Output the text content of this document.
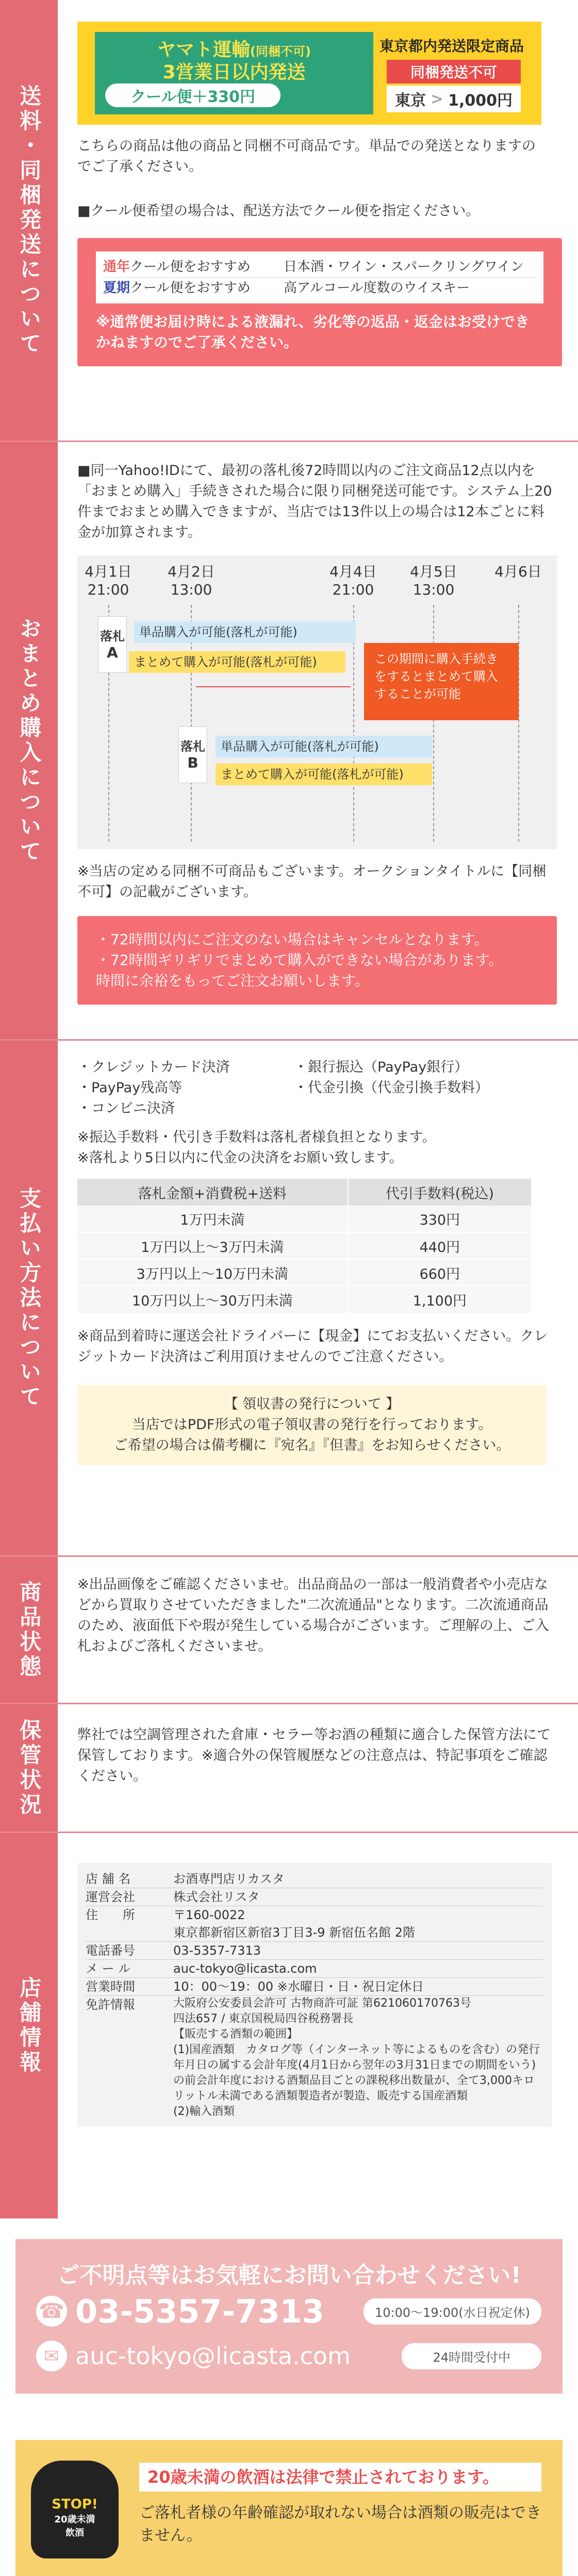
送料・同梱発送について
ヤマト運輸(同梱不可)
3営業日以内発送
クール便＋330円
東京都内発送限定商品
同梱発送不可
東京 > 1,000円

こちらの商品は他の商品と同梱不可商品です。単品での発送となりますのでご了承ください。

■クール便希望の場合は、配送方法でクール便を指定ください。

通年クール便をおすすめ	日本酒・ワイン・スパークリングワイン
夏期クール便をおすすめ	高アルコール度数のウイスキー

※通常便お届け時による液漏れ、劣化等の返品・返金はお受けできかねますのでご了承ください。

おまとめ購入について

■同一Yahoo!IDにて、最初の落札後72時間以内のご注文商品12点以内を「おまとめ購入」手続きされた場合に限り同梱発送可能です。システム上20件までおまとめ購入できますが、当店では13件以上の場合は12本ごとに料金が加算されます。

4月1日
21:00
4月2日
13:00
4月4日
21:00
4月5日
13:00
4月6日
落札
A
単品購入が可能(落札が可能)
まとめて購入が可能(落札が可能)	この期間に購入手続きをするとまとめて購入することが可能
落札
B
単品購入が可能(落札が可能)
まとめて購入が可能(落札が可能)

※当店の定める同梱不可商品もございます。オークションタイトルに【同梱不可】の記載がございます。

・72時間以内にご注文のない場合はキャンセルとなります。
・72時間ギリギリでまとめて購入ができない場合があります。
時間に余裕をもってご注文お願いします。
支払い方法について
・クレジットカード決済
・PayPay残高等
・コンビニ決済
・銀行振込（PayPay銀行）
・代金引換（代金引換手数料）

※振込手数料・代引き手数料は落札者様負担となります。

※落札より5日以内に代金の決済をお願い致します。

落札金額+消費税+送料	代引手数料(税込)
1万円未満	330円
1万円以上〜3万円未満	440円
3万円以上〜10万円未満	660円
10万円以上〜30万円未満	1,100円

※商品到着時に運送会社ドライバーに【現金】にてお支払いください。クレジットカード決済はご利用頂けませんのでご注意ください。

【 領収書の発行について 】
当店ではPDF形式の電子領収書の発行を行っております。
ご希望の場合は備考欄に『宛名』『但書』をお知らせください。
商品状態	※出品画像をご確認くださいませ。出品商品の一部は一般消費者や小売店などから買取りさせていただきました"二次流通品"となります。二次流通商品のため、液面低下や瑕が発生している場合がございます。ご理解の上、ご入札およびご落札くださいませ。

保管状況	弊社では空調管理された倉庫・セラー等お酒の種類に適合した保管方法にて保管しております。※適合外の保管履歴などの注意点は、特記事項をご確認ください。

店舗情報
店 舗 名	お酒専門店リカスタ
運営会社	株式会社リスタ
住　　所	〒160-0022
東京都新宿区新宿3丁目3-9 新宿伍名館 2階
電話番号	03-5357-7313
メ ー ル	auc-tokyo@licasta.com
営業時間	10：00〜19：00 ※水曜日・日・祝日定休日
免許情報	大阪府公安委員会許可 古物商許可証 第621060170763号
四法657 / 東京国税局四谷税務署長
【販売する酒類の範囲】
(1)国産酒類　カタログ等（インターネット等によるものを含む）の発行年月日の属する会計年度(4月1日から翌年の3月31日までの期間をいう)の前会計年度における酒類品目ごとの課税移出数量が、全て3,000キロリットル未満である酒類製造者が製造、販売する国産酒類
(2)輸入酒類
ご不明点等はお気軽にお問い合わせください!
☎ 03-5357-7313	10:00〜19:00(水日祝定休)
✉ auc-tokyo@licasta.com	24時間受付中
STOP!
20歳未満
飲酒
20歳未満の飲酒は法律で禁止されております。
ご落札者様の年齢確認が取れない場合は酒類の販売はできません。
